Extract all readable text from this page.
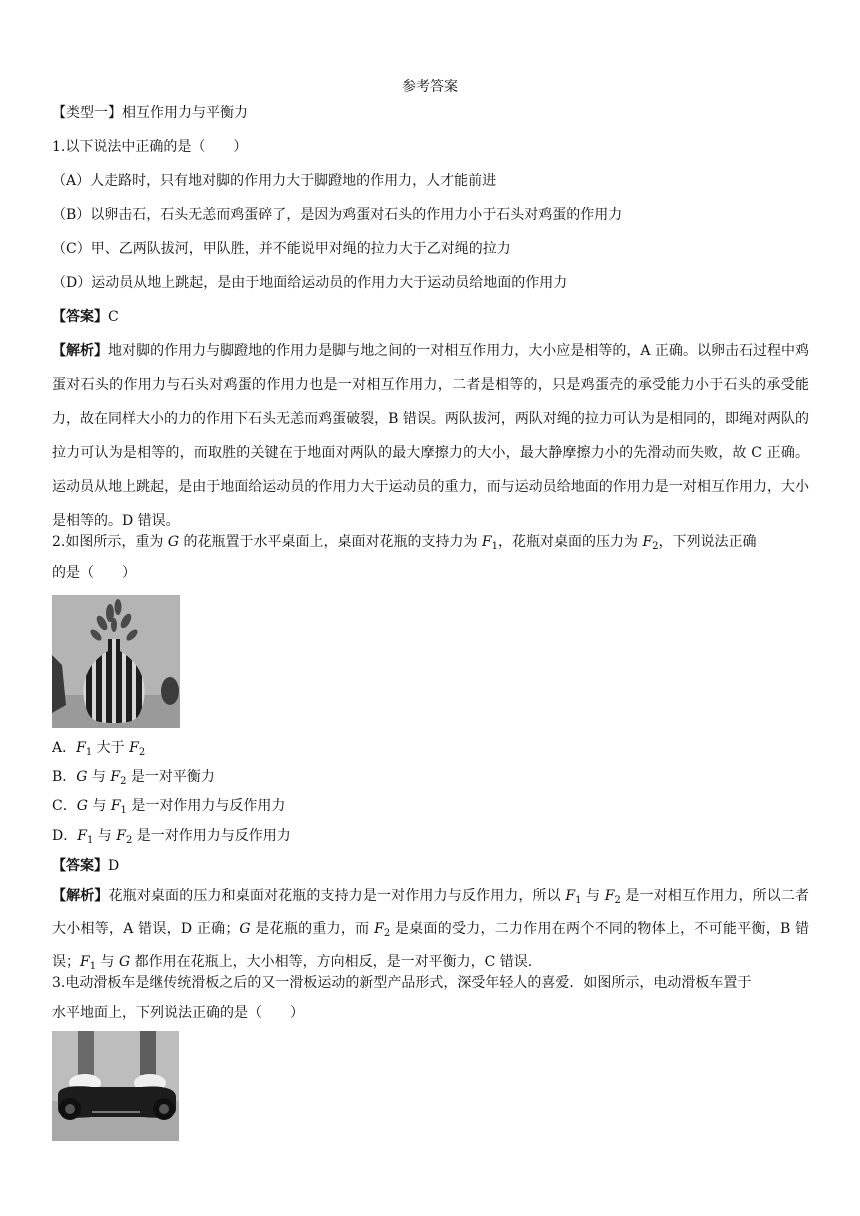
参考答案
【类型一】相互作用力与平衡力
1.以下说法中正确的是（　　）
（A）人走路时，只有地对脚的作用力大于脚蹬地的作用力，人才能前进
（B）以卵击石，石头无恙而鸡蛋碎了，是因为鸡蛋对石头的作用力小于石头对鸡蛋的作用力
（C）甲、乙两队拔河，甲队胜，并不能说甲对绳的拉力大于乙对绳的拉力
（D）运动员从地上跳起，是由于地面给运动员的作用力大于运动员给地面的作用力
【答案】C
【解析】地对脚的作用力与脚蹬地的作用力是脚与地之间的一对相互作用力，大小应是相等的，A 正确。以卵击石过程中鸡蛋对石头的作用力与石头对鸡蛋的作用力也是一对相互作用力，二者是相等的，只是鸡蛋壳的承受能力小于石头的承受能力，故在同样大小的力的作用下石头无恙而鸡蛋破裂，B 错误。两队拔河，两队对绳的拉力可认为是相同的，即绳对两队的拉力可认为是相等的，而取胜的关键在于地面对两队的最大摩擦力的大小，最大静摩擦力小的先滑动而失败，故 C 正确。运动员从地上跳起，是由于地面给运动员的作用力大于运动员的重力，而与运动员给地面的作用力是一对相互作用力，大小是相等的。D 错误。
2.如图所示，重为 G 的花瓶置于水平桌面上，桌面对花瓶的支持力为 $F_1$，花瓶对桌面的压力为 $F_2$，下列说法正确
的是（　　）
A．$F_1$ 大于 $F_2$
B．G 与 $F_2$ 是一对平衡力
C．G 与 $F_1$ 是一对作用力与反作用力
D．$F_1$ 与 $F_2$ 是一对作用力与反作用力
【答案】D
【解析】花瓶对桌面的压力和桌面对花瓶的支持力是一对作用力与反作用力，所以 $F_1$ 与 $F_2$ 是一对相互作用力，所以二者大小相等，A 错误，D 正确；G 是花瓶的重力，而 $F_2$ 是桌面的受力，二力作用在两个不同的物体上，不可能平衡，B 错误；$F_1$ 与 G 都作用在花瓶上，大小相等，方向相反，是一对平衡力，C 错误.
3.电动滑板车是继传统滑板之后的又一滑板运动的新型产品形式，深受年轻人的喜爱．如图所示，电动滑板车置于
水平地面上，下列说法正确的是（　　）
